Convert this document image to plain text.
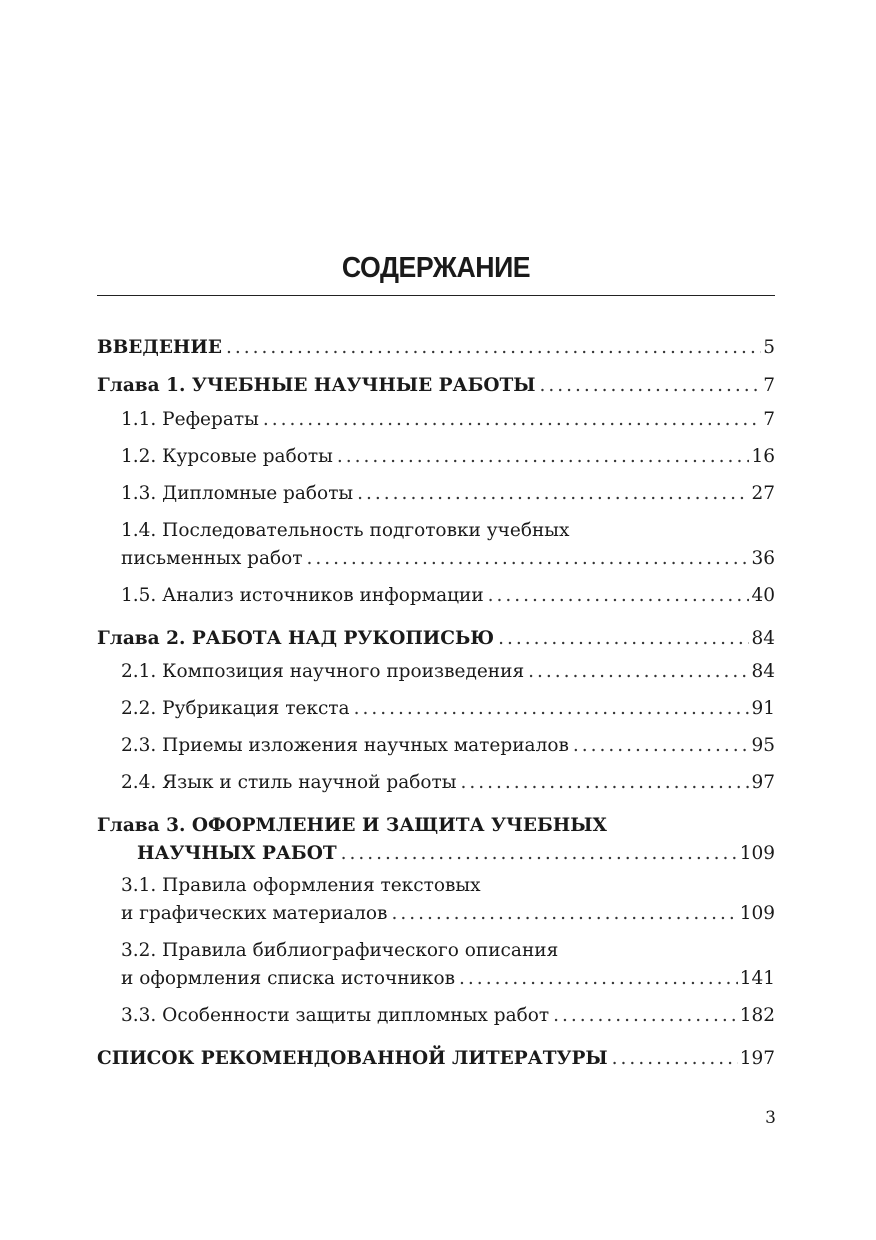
СОДЕРЖАНИЕ
ВВЕДЕНИЕ .....	5
Глава 1. УЧЕБНЫЕ НАУЧНЫЕ РАБОТЫ .....	7
1.1. Рефераты .....	7
1.2. Курсовые работы .....	16
1.3. Дипломные работы .....	27
1.4. Последовательность подготовки учебных
письменных работ .....	36
1.5. Анализ источников информации .....	40
Глава 2. РАБОТА НАД РУКОПИСЬЮ .....	84
2.1. Композиция научного произведения .....	84
2.2. Рубрикация текста .....	91
2.3. Приемы изложения научных материалов .....	95
2.4. Язык и стиль научной работы .....	97
Глава 3. ОФОРМЛЕНИЕ И ЗАЩИТА УЧЕБНЫХ
НАУЧНЫХ РАБОТ .....	109
3.1. Правила оформления текстовых
и графических материалов .....	109
3.2. Правила библиографического описания
и оформления списка источников .....	141
3.3. Особенности защиты дипломных работ .....	182
СПИСОК РЕКОМЕНДОВАННОЙ ЛИТЕРАТУРЫ .....	197
3
